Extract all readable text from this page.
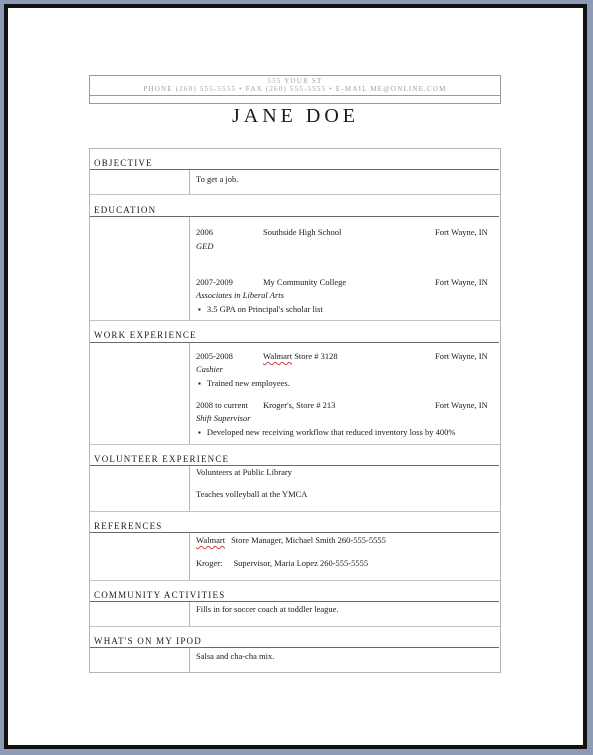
555 YOUR ST
PHONE (260) 555-5555 • FAX (260) 555-5555 • E-MAIL ME@ONLINE.COM
JANE DOE
OBJECTIVE
To get a job.
EDUCATION
2006	Southside High School	Fort Wayne, IN
GED
2007-2009	My Community College	Fort Wayne, IN
Associates in Liberal Arts
▪ 3.5 GPA on Principal's scholar list
WORK EXPERIENCE
2005-2008	Walmart Store # 3128	Fort Wayne, IN
Cashier
▪ Trained new employees.
2008 to current Kroger's, Store # 213	Fort Wayne, IN
Shift Supervisor
▪ Developed new receiving workflow that reduced inventory loss by 400%
VOLUNTEER EXPERIENCE
Volunteers at Public Library
Teaches volleyball at the YMCA
REFERENCES
Walmart Store Manager, Michael Smith 260-555-5555
Kroger: Supervisor, Maria Lopez 260-555-5555
COMMUNITY ACTIVITIES
Fills in for soccer coach at toddler league.
WHAT'S ON MY IPOD
Salsa and cha-cha mix.
